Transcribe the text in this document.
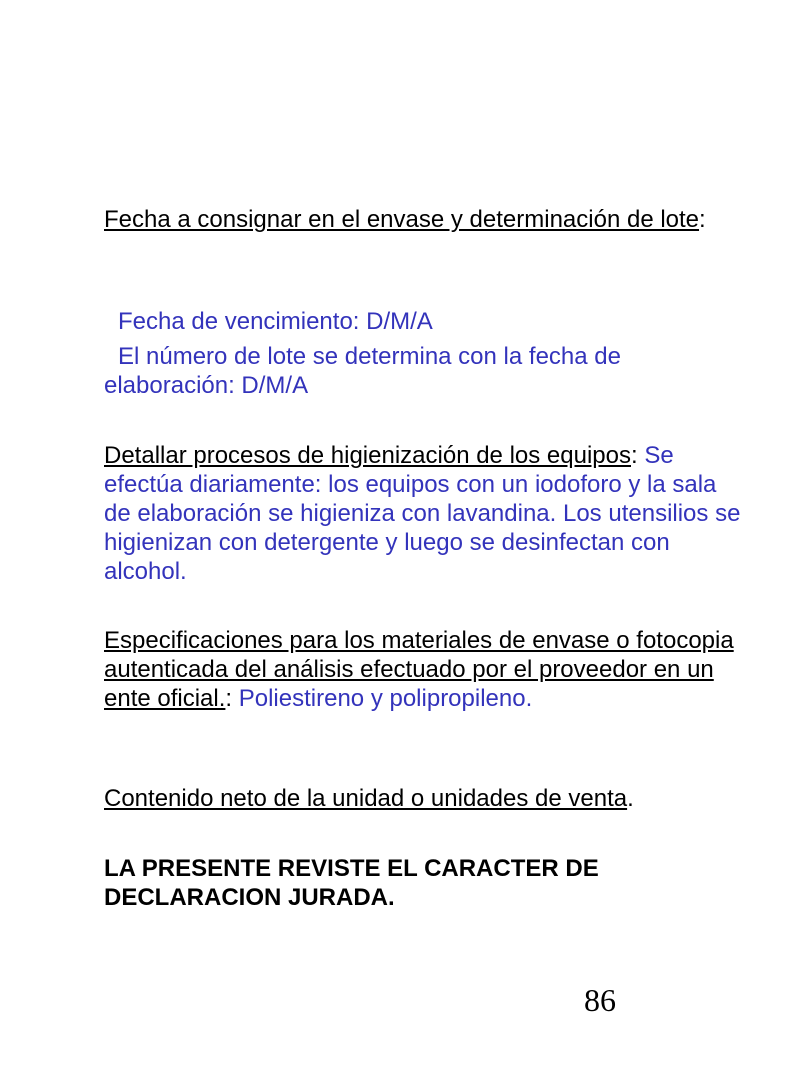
Fecha a consignar en el envase y determinación de lote:

Fecha de vencimiento: D/M/A

El número de lote se determina con la fecha de
elaboración: D/M/A

Detallar procesos de higienización de los equipos: Se efectúa diariamente: los equipos con un iodoforo y la sala de elaboración se higieniza con lavandina. Los utensilios se higienizan con detergente y luego se desinfectan con alcohol.

Especificaciones para los materiales de envase o fotocopia autenticada del análisis efectuado por el proveedor en un ente oficial.: Poliestireno y polipropileno.

Contenido neto de la unidad o unidades de venta.

LA PRESENTE REVISTE EL CARACTER DE DECLARACION JURADA.

86
